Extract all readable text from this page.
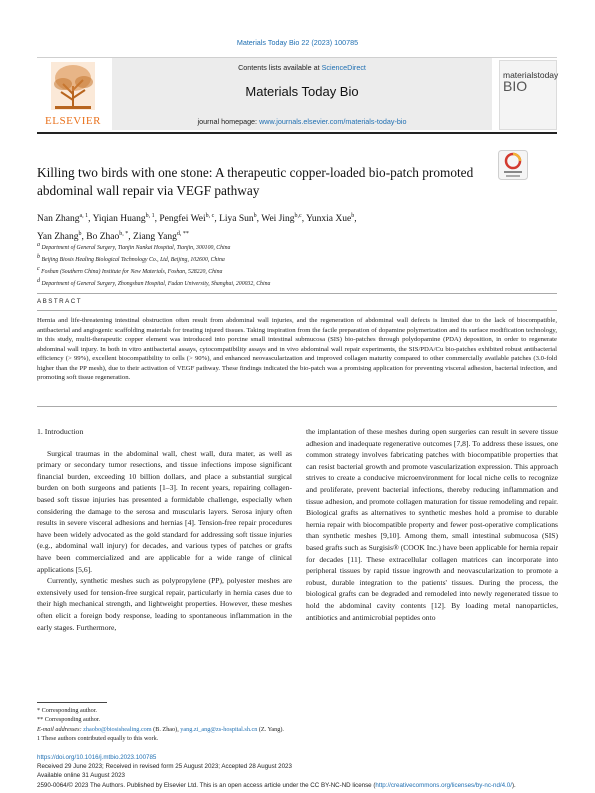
Materials Today Bio 22 (2023) 100785
ELSEVIER
Contents lists available at ScienceDirect
Materials Today Bio
journal homepage: www.journals.elsevier.com/materials-today-bio
materialstoday
BIO
Killing two birds with one stone: A therapeutic copper-loaded bio-patch promoted abdominal wall repair via VEGF pathway
Nan Zhang$^{a, 1}$, Yiqian Huang$^{b, 1}$, Pengfei Wei$^{b, c}$, Liya Sun$^b$, Wei Jing$^{b,c}$, Yunxia Xue$^b$,
Yan Zhang$^b$, Bo Zhao$^{b, *}$, Ziang Yang$^{d, **}$
$^a$ Department of General Surgery, Tianjin Nankai Hospital, Tianjin, 300100, China
$^b$ Beijing Biosis Healing Biological Technology Co., Ltd, Beijing, 102600, China
$^c$ Foshan (Southern China) Institute for New Materials, Foshan, 528220, China
$^d$ Department of General Surgery, Zhongshan Hospital, Fudan University, Shanghai, 200032, China
ABSTRACT
Hernia and life-threatening intestinal obstruction often result from abdominal wall injuries, and the regeneration of abdominal wall defects is limited due to the lack of biocompatible, antibacterial and angiogenic scaffolding materials for treating injured tissues. Taking inspiration from the facile preparation of dopamine polymerization and its surface modification technology, in this study, multi-therapeutic copper element was introduced into porcine small intestinal submucosa (SIS) bio-patches through polydopamine (PDA) deposition, in order to regenerate abdominal wall injury. In both in vitro antibacterial assays, cytocompatibility assays and in vivo abdominal wall repair experiments, the SIS/PDA/Cu bio-patches exhibited robust antibacterial efficiency (> 99%), excellent biocompatibility to cells (> 90%), and enhanced neovascularization and improved collagen maturity compared to other commercially available patches (3.0-fold higher than the PP mesh), due to their activation of VEGF pathway. These findings indicated the bio-patch was a promising application for preventing visceral adhesion, bacterial infection, and promoting soft tissue regeneration.

1. Introduction

Surgical traumas in the abdominal wall, chest wall, dura mater, as well as primary or secondary tumor resections, and tissue infections impose significant financial burden, exceeding 10 billion dollars, and place a substantial surgical burden on both surgeons and patients [1–3]. In recent years, repairing collagen-based soft tissue injuries has presented a formidable challenge, especially when considering the damage to the serosa and muscularis layers. Serosa injury often results in severe visceral adhesions and hernias [4]. Tension-free repair procedures have been widely advocated as the gold standard for addressing soft tissue injuries (e.g., abdominal wall injury) for decades, and various types of patches or grafts have been commercialized and are applicable for a wide range of clinical applications [5,6].

Currently, synthetic meshes such as polypropylene (PP), polyester meshes are extensively used for tension-free surgical repair, particularly in hernia cases due to their high mechanical strength, and lightweight properties. However, these meshes often elicit a foreign body response, leading to spontaneous inflammation in the early stages. Furthermore,

the implantation of these meshes during open surgeries can result in severe tissue adhesion and inadequate regenerative outcomes [7,8]. To address these issues, one common strategy involves fabricating patches with biocompatible properties that can resist bacterial growth and promote vascularization expression. This approach strives to create a conducive microenvironment for local niche cells to recognize and proliferate, prevent bacterial infections, thereby reducing inflammation and tissue adhesion, and promote collagen maturation for tissue remodeling and repair. Biological grafts as alternatives to synthetic meshes hold a promise to durable hernia repair with biocompatible property and fewer post-operative complications than synthetic meshes [9,10]. Among them, small intestinal submucosa (SIS) based grafts such as Surgisis® (COOK Inc.) have been applicable for hernia repair for decades [11]. These extracellular collagen matrices can incorporate into peripheral tissues by rapid tissue ingrowth and neovascularization to promote a robust, durable integration to the patients' tissues. During the process, the biological grafts can be degraded and remodeled into newly regenerated tissue to hold the abdominal cavity contents [12]. By loading metal nanoparticles, antibiotics and antimicrobial peptides onto

* Corresponding author.
** Corresponding author.
E-mail addresses: zhaobo@biosishealing.com (B. Zhao), yang.zi_ang@zs-hospital.sh.cn (Z. Yang).
1 These authors contributed equally to this work.
https://doi.org/10.1016/j.mtbio.2023.100785
Received 29 June 2023; Received in revised form 25 August 2023; Accepted 28 August 2023
Available online 31 August 2023
2590-0064/© 2023 The Authors. Published by Elsevier Ltd. This is an open access article under the CC BY-NC-ND license (http://creativecommons.org/licenses/by-nc-nd/4.0/).
